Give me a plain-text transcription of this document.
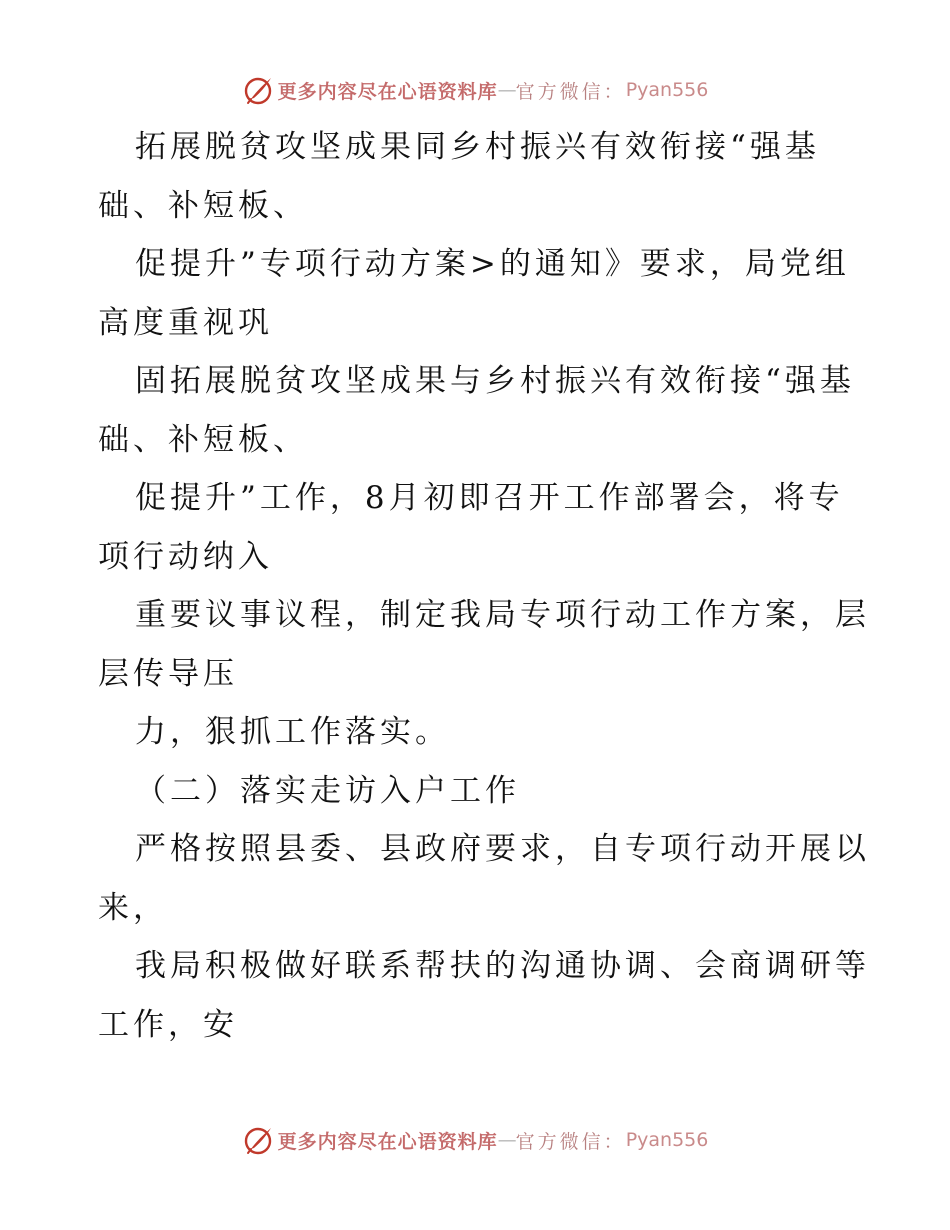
更多内容尽在心语资料库 — 官方微信： Pyan556
拓展脱贫攻坚成果同乡村振兴有效衔接“强基
础、补短板、
促提升”专项行动方案>的通知》要求，局党组
高度重视巩
固拓展脱贫攻坚成果与乡村振兴有效衔接“强基
础、补短板、
促提升”工作，8月初即召开工作部署会，将专
项行动纳入
重要议事议程，制定我局专项行动工作方案，层
层传导压
力，狠抓工作落实。
（二）落实走访入户工作
严格按照县委、县政府要求，自专项行动开展以
来，
我局积极做好联系帮扶的沟通协调、会商调研等
工作，安
更多内容尽在心语资料库 — 官方微信： Pyan556
